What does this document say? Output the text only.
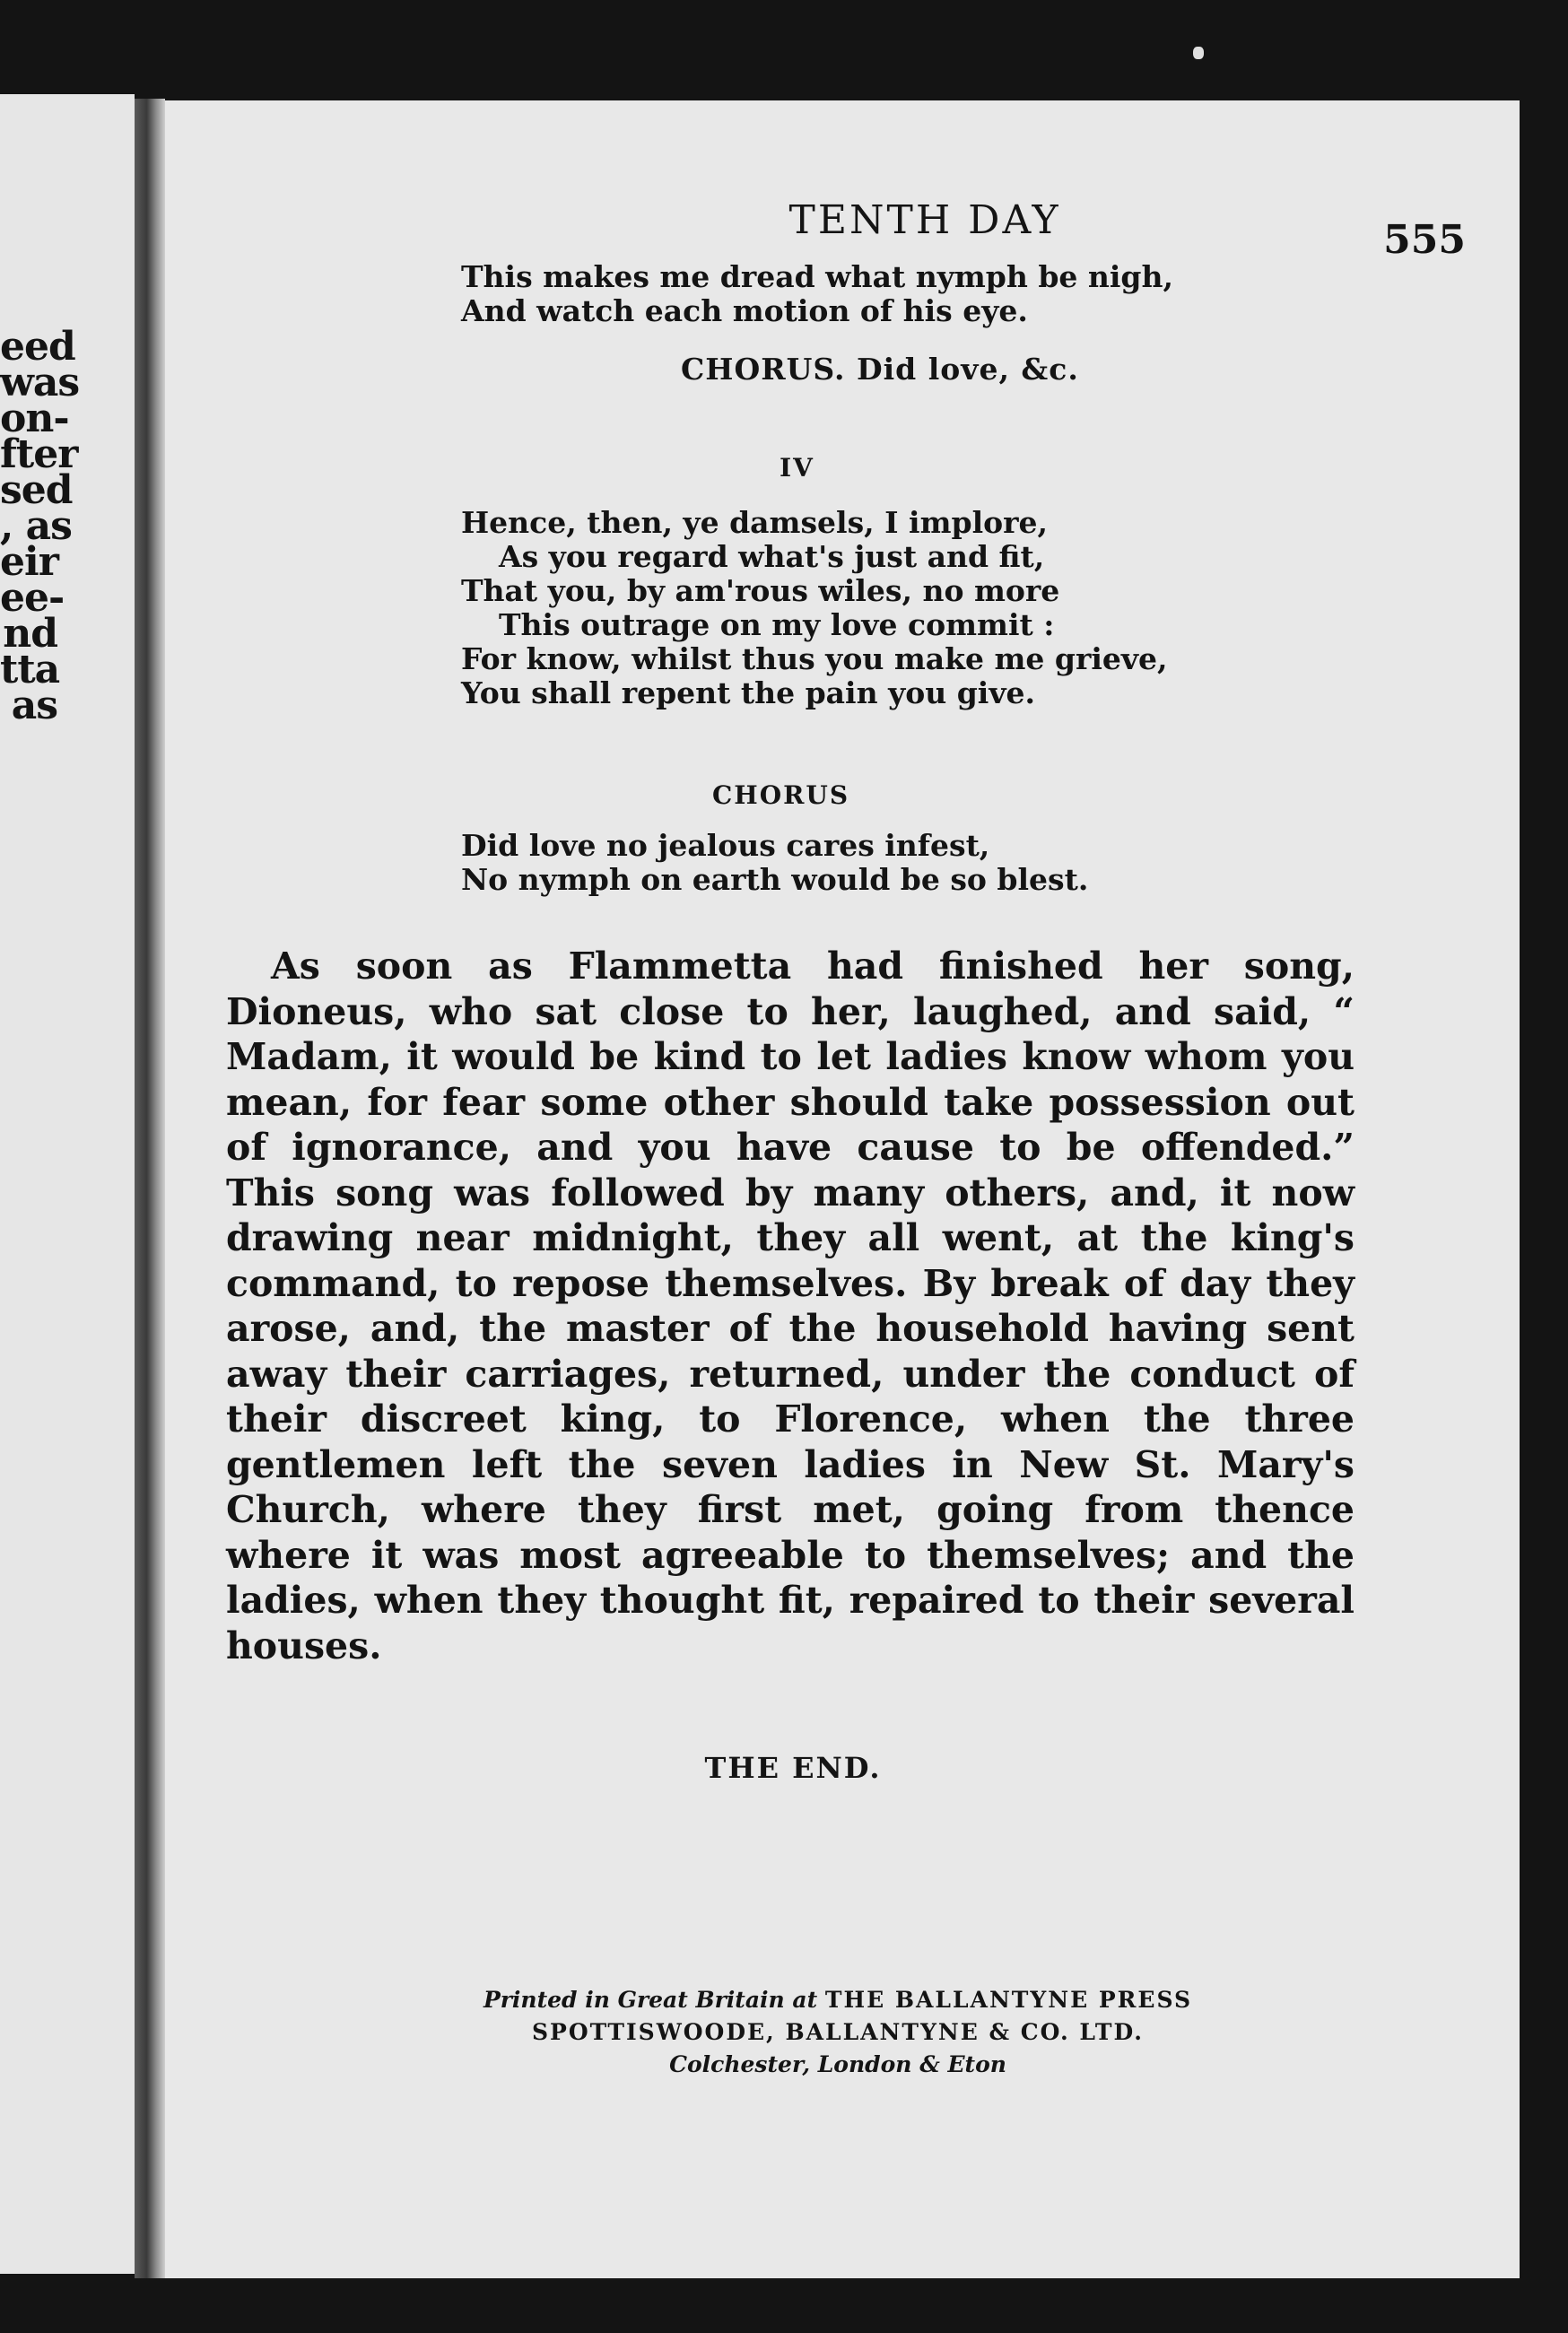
eed
was
on-
fter
sed
, as
eir
ee-
nd
tta
as
TENTH DAY	555
This makes me dread what nymph be nigh,
And watch each motion of his eye.
CHORUS. Did love, &c.
IV
Hence, then, ye damsels, I implore,
As you regard what's just and fit,
That you, by am'rous wiles, no more
This outrage on my love commit :
For know, whilst thus you make me grieve,
You shall repent the pain you give.
CHORUS
Did love no jealous cares infest,
No nymph on earth would be so blest.
As soon as Flammetta had finished her song, Dioneus, who sat close to her, laughed, and said, “ Madam, it would be kind to let ladies know whom you mean, for fear some other should take possession out of ignorance, and you have cause to be offended.” This song was followed by many others, and, it now drawing near midnight, they all went, at the king's command, to repose themselves. By break of day they arose, and, the master of the household having sent away their carriages, returned, under the conduct of their discreet king, to Florence, when the three gentlemen left the seven ladies in New St. Mary's Church, where they first met, going from thence where it was most agreeable to themselves; and the ladies, when they thought fit, repaired to their several houses.
THE END.
Printed in Great Britain at THE BALLANTYNE PRESS
SPOTTISWOODE, BALLANTYNE & CO. LTD.
Colchester, London & Eton
